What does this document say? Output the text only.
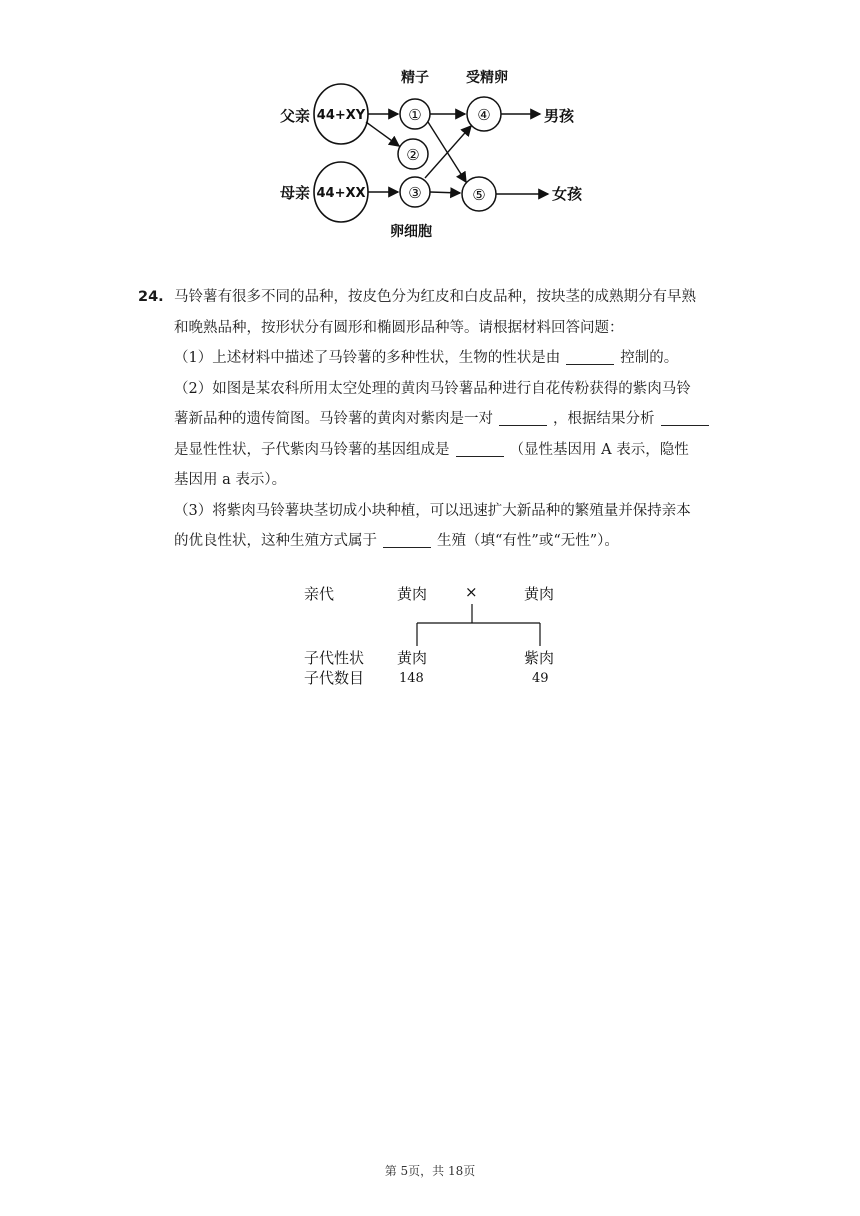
父亲
母亲
精子	受精卵
卵细胞
男孩
女孩
44+XY
44+XX
①
②
③
④
⑤
24. 马铃薯有很多不同的品种，按皮色分为红皮和白皮品种，按块茎的成熟期分有早熟
和晚熟品种，按形状分有圆形和椭圆形品种等。请根据材料回答问题：
（1）上述材料中描述了马铃薯的多种性状，生物的性状是由	控制的。
（2）如图是某农科所用太空处理的黄肉马铃薯品种进行自花传粉获得的紫肉马铃
薯新品种的遗传简图。马铃薯的黄肉对紫肉是一对	，根据结果分析
是显性性状，子代紫肉马铃薯的基因组成是	（显性基因用 A 表示，隐性
基因用 a 表示）。
（3）将紫肉马铃薯块茎切成小块种植，可以迅速扩大新品种的繁殖量并保持亲本
的优良性状，这种生殖方式属于	生殖（填“有性”或“无性”）。
亲代	黄肉	×	黄肉
子代性状 黄肉	紫肉
子代数目	148	49
第 5页，共 18页
